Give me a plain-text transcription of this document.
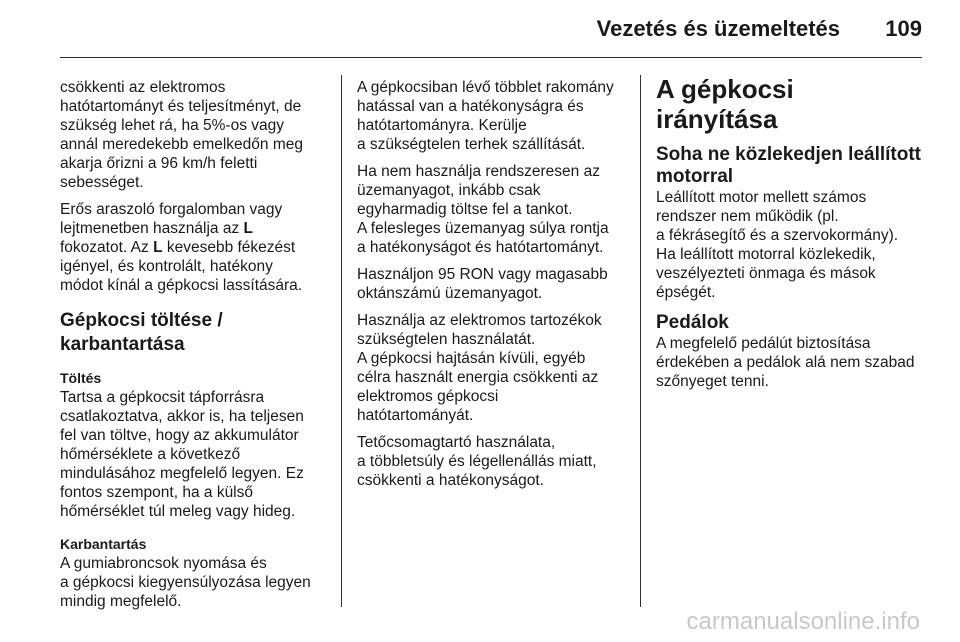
Vezetés és üzemeltetés 109

csökkenti az elektromos
hatótartományt és teljesítményt, de
szükség lehet rá, ha 5%-os vagy
annál meredekebb emelkedőn meg
akarja őrizni a 96 km/h feletti
sebességet.

Erős araszoló forgalomban vagy
lejtmenetben használja az L
fokozatot. Az L kevesebb fékezést
igényel, és kontrolált, hatékony
módot kínál a gépkocsi lassítására.

Gépkocsi töltése /
karbantartása
Töltés

Tartsa a gépkocsit tápforrásra
csatlakoztatva, akkor is, ha teljesen
fel van töltve, hogy az akkumulátor
hőmérséklete a következő
mindulásához megfelelő legyen. Ez
fontos szempont, ha a külső
hőmérséklet túl meleg vagy hideg.

Karbantartás

A gumiabroncsok nyomása és
a gépkocsi kiegyensúlyozása legyen
mindig megfelelő.

A gépkocsiban lévő többlet rakomány
hatással van a hatékonyságra és
hatótartományra. Kerülje
a szükségtelen terhek szállítását.

Ha nem használja rendszeresen az
üzemanyagot, inkább csak
egyharmadig töltse fel a tankot.
A felesleges üzemanyag súlya rontja
a hatékonyságot és hatótartományt.

Használjon 95 RON vagy magasabb
oktánszámú üzemanyagot.

Használja az elektromos tartozékok
szükségtelen használatát.
A gépkocsi hajtásán kívüli, egyéb
célra használt energia csökkenti az
elektromos gépkocsi
hatótartományát.

Tetőcsomagtartó használata,
a többletsúly és légellenállás miatt,
csökkenti a hatékonyságot.

A gépkocsi irányítása
Soha ne közlekedjen leállított
motorral

Leállított motor mellett számos
rendszer nem működik (pl.
a fékrásegítő és a szervokormány).
Ha leállított motorral közlekedik,
veszélyezteti önmaga és mások
épségét.

Pedálok

A megfelelő pedálút biztosítása
érdekében a pedálok alá nem szabad
szőnyeget tenni.

carmanualsonline.info
